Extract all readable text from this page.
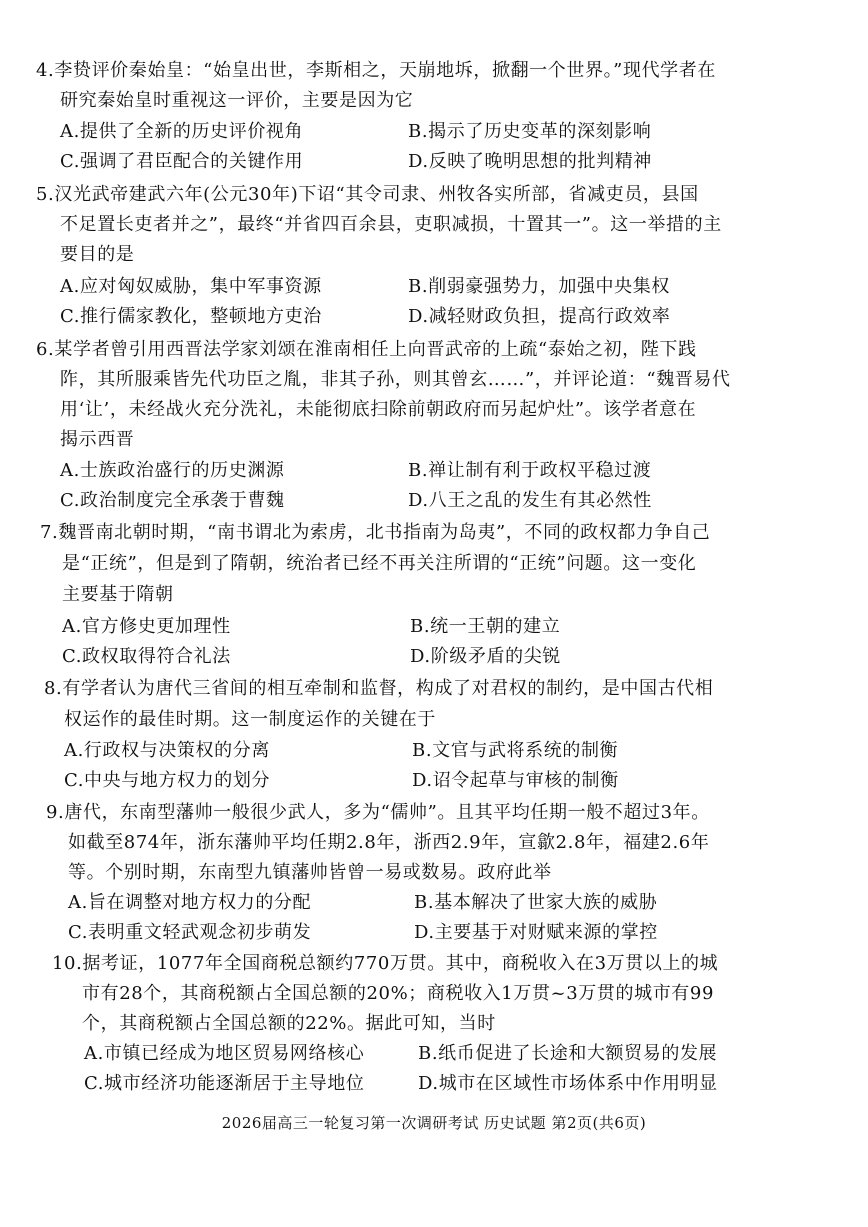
4.李贽评价秦始皇：“始皇出世，李斯相之，天崩地坼，掀翻一个世界。”现代学者在
研究秦始皇时重视这一评价，主要是因为它
A.提供了全新的历史评价视角	B.揭示了历史变革的深刻影响
C.强调了君臣配合的关键作用	D.反映了晚明思想的批判精神
5.汉光武帝建武六年(公元30年)下诏“其令司隶、州牧各实所部，省减吏员，县国
不足置长吏者并之”，最终“并省四百余县，吏职减损，十置其一”。这一举措的主
要目的是
A.应对匈奴威胁，集中军事资源	B.削弱豪强势力，加强中央集权
C.推行儒家教化，整顿地方吏治	D.减轻财政负担，提高行政效率
6.某学者曾引用西晋法学家刘颂在淮南相任上向晋武帝的上疏“泰始之初，陛下践
阼，其所服乘皆先代功臣之胤，非其子孙，则其曾玄……”，并评论道：“魏晋易代
用‘让’，未经战火充分洗礼，未能彻底扫除前朝政府而另起炉灶”。该学者意在
揭示西晋
A.士族政治盛行的历史渊源	B.禅让制有利于政权平稳过渡
C.政治制度完全承袭于曹魏	D.八王之乱的发生有其必然性
7.魏晋南北朝时期，“南书谓北为索虏，北书指南为岛夷”，不同的政权都力争自己
是“正统”，但是到了隋朝，统治者已经不再关注所谓的“正统”问题。这一变化
主要基于隋朝
A.官方修史更加理性	B.统一王朝的建立
C.政权取得符合礼法	D.阶级矛盾的尖锐
8.有学者认为唐代三省间的相互牵制和监督，构成了对君权的制约，是中国古代相
权运作的最佳时期。这一制度运作的关键在于
A.行政权与决策权的分离	B.文官与武将系统的制衡
C.中央与地方权力的划分	D.诏令起草与审核的制衡
9.唐代，东南型藩帅一般很少武人，多为“儒帅”。且其平均任期一般不超过3年。
如截至874年，浙东藩帅平均任期2.8年，浙西2.9年，宣歙2.8年，福建2.6年
等。个别时期，东南型九镇藩帅皆曾一易或数易。政府此举
A.旨在调整对地方权力的分配	B.基本解决了世家大族的威胁
C.表明重文轻武观念初步萌发	D.主要基于对财赋来源的掌控
10.据考证，1077年全国商税总额约770万贯。其中，商税收入在3万贯以上的城
市有28个，其商税额占全国总额的20%；商税收入1万贯~3万贯的城市有99
个，其商税额占全国总额的22%。据此可知，当时
A.市镇已经成为地区贸易网络核心	B.纸币促进了长途和大额贸易的发展
C.城市经济功能逐渐居于主导地位	D.城市在区域性市场体系中作用明显
2026届高三一轮复习第一次调研考试 历史试题 第2页(共6页)
